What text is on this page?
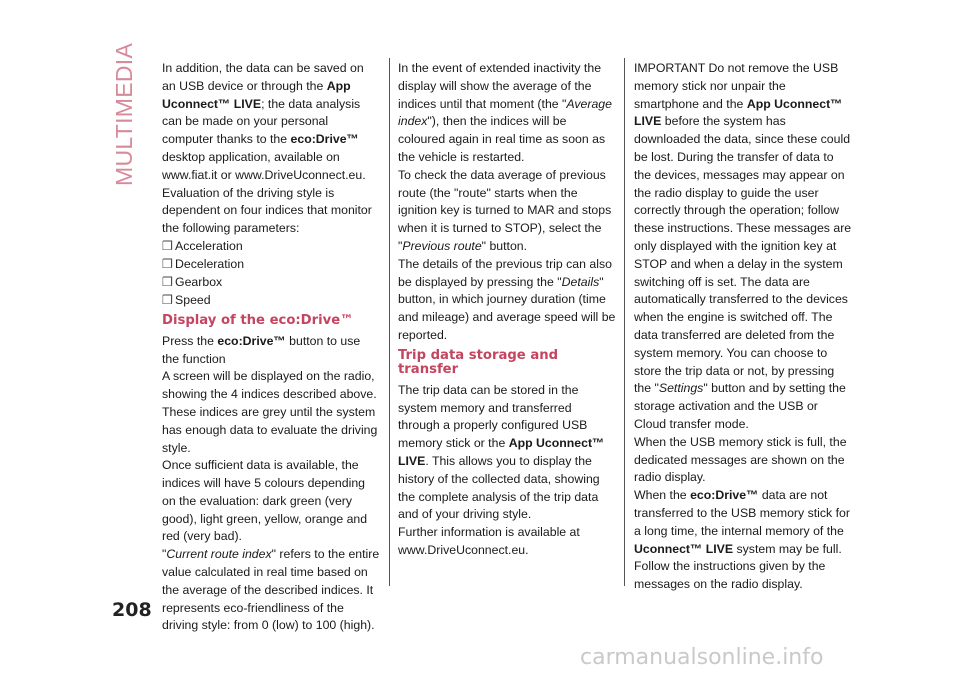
MULTIMEDIA	In addition, the data can be saved on an USB device or through the App Uconnect™ LIVE; the data analysis can be made on your personal computer thanks to the eco:Drive™ desktop application, available on www.fiat.it or www.DriveUconnect.eu. Evaluation of the driving style is dependent on four indices that monitor the following parameters:

❒ Acceleration
❒ Deceleration
❒ Gearbox
❒ Speed
Display of the eco:Drive™

Press the eco:Drive™ button to use the function

A screen will be displayed on the radio, showing the 4 indices described above. These indices are grey until the system has enough data to evaluate the driving style.

Once sufficient data is available, the indices will have 5 colours depending on the evaluation: dark green (very good), light green, yellow, orange and red (very bad).

"Current route index" refers to the entire value calculated in real time based on the average of the described indices. It represents eco-friendliness of the driving style: from 0 (low) to 100 (high).

In the event of extended inactivity the display will show the average of the indices until that moment (the "Average index"), then the indices will be coloured again in real time as soon as the vehicle is restarted.

To check the data average of previous route (the "route" starts when the ignition key is turned to MAR and stops when it is turned to STOP), select the "Previous route" button.

The details of the previous trip can also be displayed by pressing the "Details" button, in which journey duration (time and mileage) and average speed will be reported.

Trip data storage and transfer

The trip data can be stored in the system memory and transferred through a properly configured USB memory stick or the App Uconnect™ LIVE. This allows you to display the history of the collected data, showing the complete analysis of the trip data and of your driving style.

Further information is available at www.DriveUconnect.eu.

IMPORTANT Do not remove the USB memory stick nor unpair the smartphone and the App Uconnect™ LIVE before the system has downloaded the data, since these could be lost. During the transfer of data to the devices, messages may appear on the radio display to guide the user correctly through the operation; follow these instructions. These messages are only displayed with the ignition key at STOP and when a delay in the system switching off is set. The data are automatically transferred to the devices when the engine is switched off. The data transferred are deleted from the system memory. You can choose to store the trip data or not, by pressing the "Settings" button and by setting the storage activation and the USB or Cloud transfer mode.

When the USB memory stick is full, the dedicated messages are shown on the radio display.

When the eco:Drive™ data are not transferred to the USB memory stick for a long time, the internal memory of the Uconnect™ LIVE system may be full. Follow the instructions given by the messages on the radio display.

208
carmanualsonline.info
